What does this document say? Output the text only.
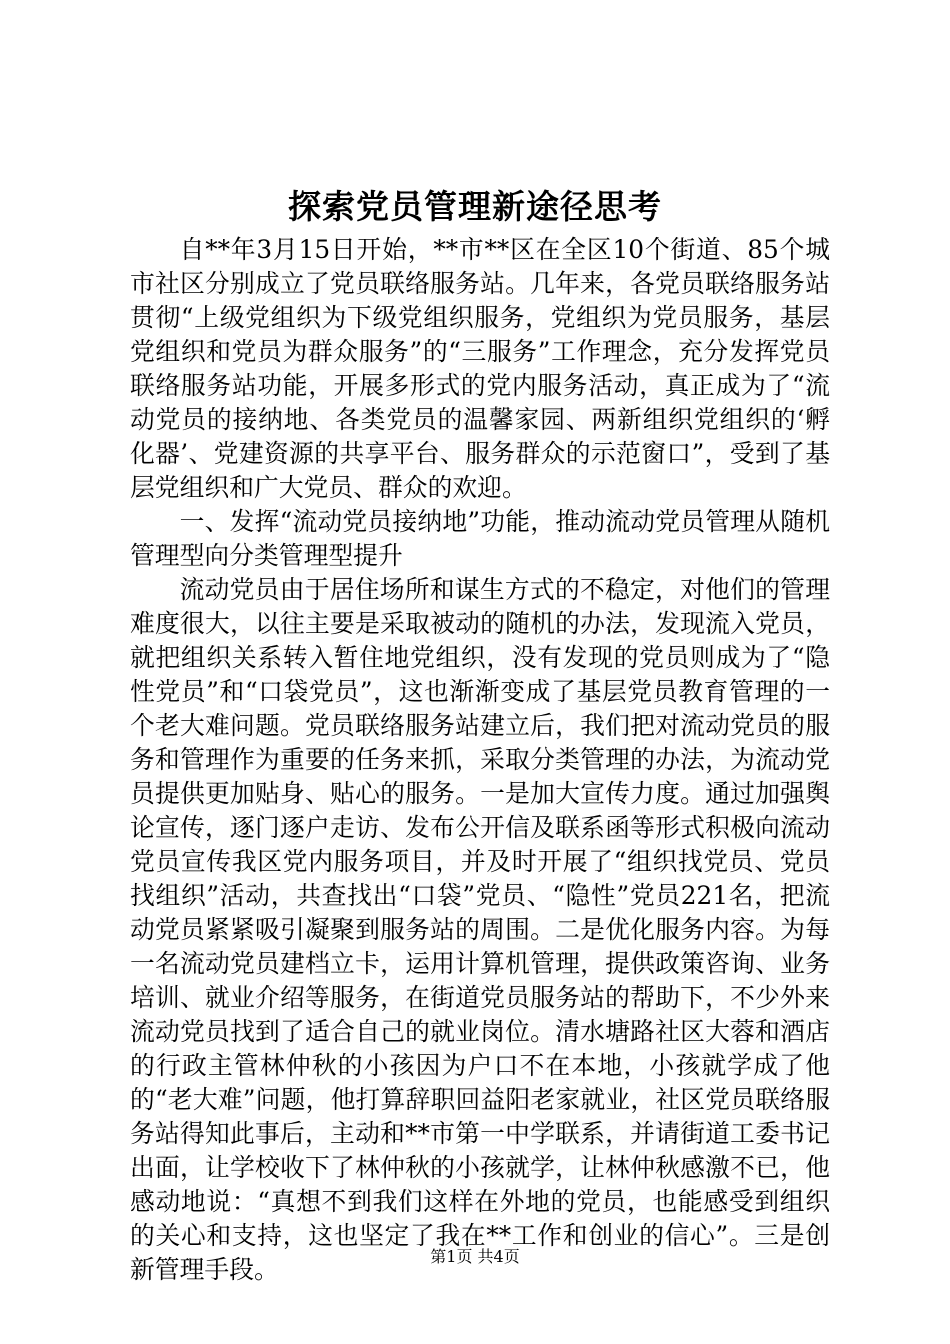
探索党员管理新途径思考

自**年3月15日开始，**市**区在全区10个街道、85个城市社区分别成立了党员联络服务站。几年来，各党员联络服务站贯彻“上级党组织为下级党组织服务，党组织为党员服务，基层党组织和党员为群众服务”的“三服务”工作理念，充分发挥党员联络服务站功能，开展多形式的党内服务活动，真正成为了“流动党员的接纳地、各类党员的温馨家园、两新组织党组织的‘孵化器’、党建资源的共享平台、服务群众的示范窗口”，受到了基层党组织和广大党员、群众的欢迎。

一、发挥“流动党员接纳地”功能，推动流动党员管理从随机管理型向分类管理型提升

流动党员由于居住场所和谋生方式的不稳定，对他们的管理难度很大，以往主要是采取被动的随机的办法，发现流入党员，就把组织关系转入暂住地党组织，没有发现的党员则成为了“隐性党员”和“口袋党员”，这也渐渐变成了基层党员教育管理的一个老大难问题。党员联络服务站建立后，我们把对流动党员的服务和管理作为重要的任务来抓，采取分类管理的办法，为流动党员提供更加贴身、贴心的服务。一是加大宣传力度。通过加强舆论宣传，逐门逐户走访、发布公开信及联系函等形式积极向流动党员宣传我区党内服务项目，并及时开展了“组织找党员、党员找组织”活动，共查找出“口袋”党员、“隐性”党员221名，把流动党员紧紧吸引凝聚到服务站的周围。二是优化服务内容。为每一名流动党员建档立卡，运用计算机管理，提供政策咨询、业务培训、就业介绍等服务，在街道党员服务站的帮助下，不少外来流动党员找到了适合自己的就业岗位。清水塘路社区大蓉和酒店的行政主管林仲秋的小孩因为户口不在本地，小孩就学成了他的“老大难”问题，他打算辞职回益阳老家就业，社区党员联络服务站得知此事后，主动和**市第一中学联系，并请街道工委书记出面，让学校收下了林仲秋的小孩就学，让林仲秋感激不已，他感动地说：“真想不到我们这样在外地的党员，也能感受到组织的关心和支持，这也坚定了我在**工作和创业的信心”。三是创新管理手段。	第1页 共4页
